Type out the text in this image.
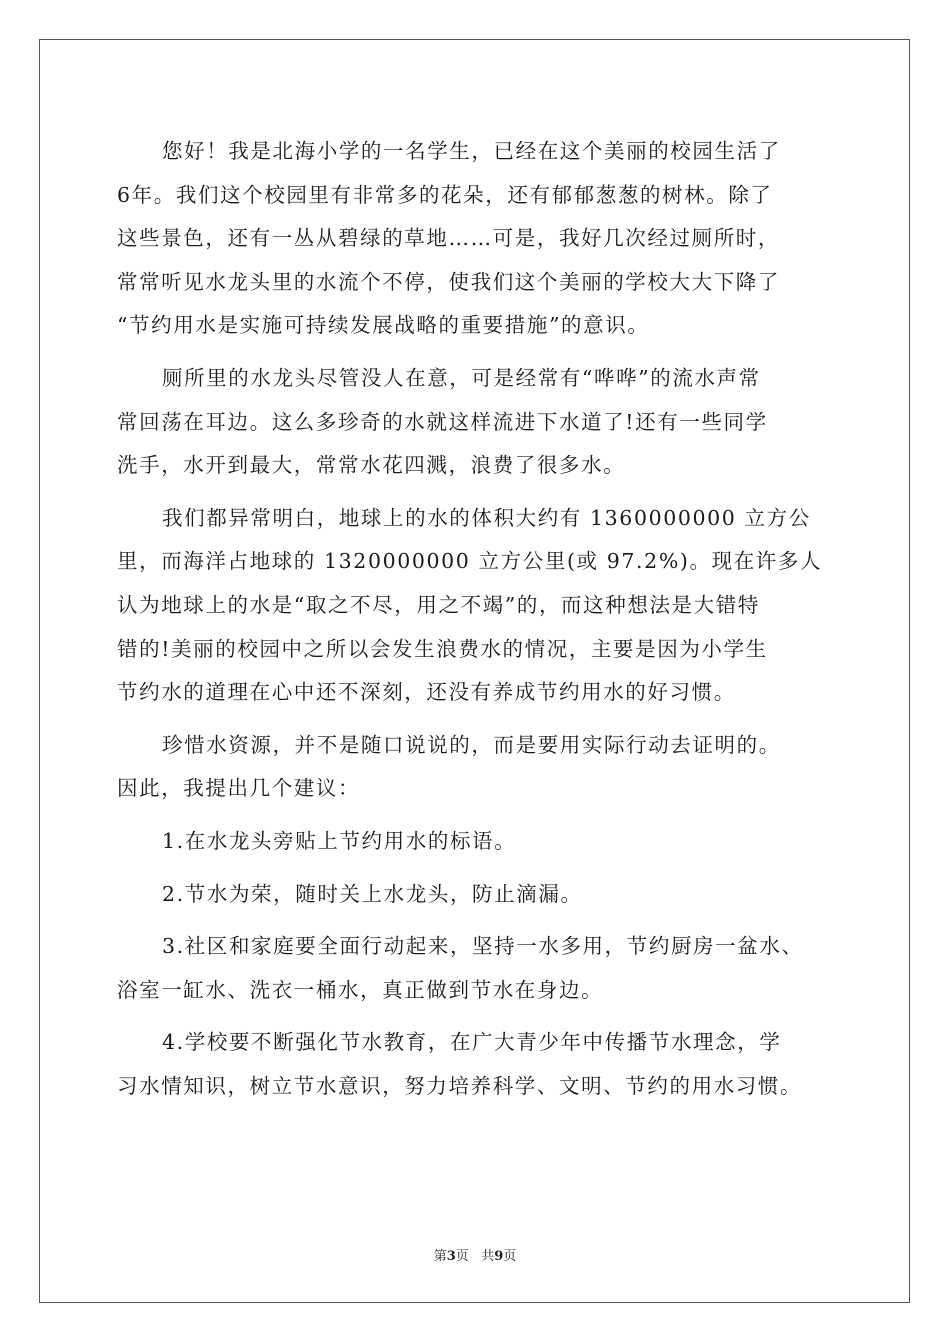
您好！我是北海小学的一名学生，已经在这个美丽的校园生活了
6年。我们这个校园里有非常多的花朵，还有郁郁葱葱的树林。除了
这些景色，还有一丛从碧绿的草地……可是，我好几次经过厕所时，
常常听见水龙头里的水流个不停，使我们这个美丽的学校大大下降了
“节约用水是实施可持续发展战略的重要措施”的意识。
厕所里的水龙头尽管没人在意，可是经常有“哗哗”的流水声常
常回荡在耳边。这么多珍奇的水就这样流进下水道了!还有一些同学
洗手，水开到最大，常常水花四溅，浪费了很多水。
我们都异常明白，地球上的水的体积大约有 1360000000 立方公
里，而海洋占地球的 1320000000 立方公里(或 97.2%)。现在许多人
认为地球上的水是“取之不尽，用之不竭”的，而这种想法是大错特
错的!美丽的校园中之所以会发生浪费水的情况，主要是因为小学生
节约水的道理在心中还不深刻，还没有养成节约用水的好习惯。
珍惜水资源，并不是随口说说的，而是要用实际行动去证明的。
因此，我提出几个建议：
1.在水龙头旁贴上节约用水的标语。
2.节水为荣，随时关上水龙头，防止滴漏。
3.社区和家庭要全面行动起来，坚持一水多用，节约厨房一盆水、
浴室一缸水、洗衣一桶水，真正做到节水在身边。
4.学校要不断强化节水教育，在广大青少年中传播节水理念，学
习水情知识，树立节水意识，努力培养科学、文明、节约的用水习惯。
第3页 共9页
